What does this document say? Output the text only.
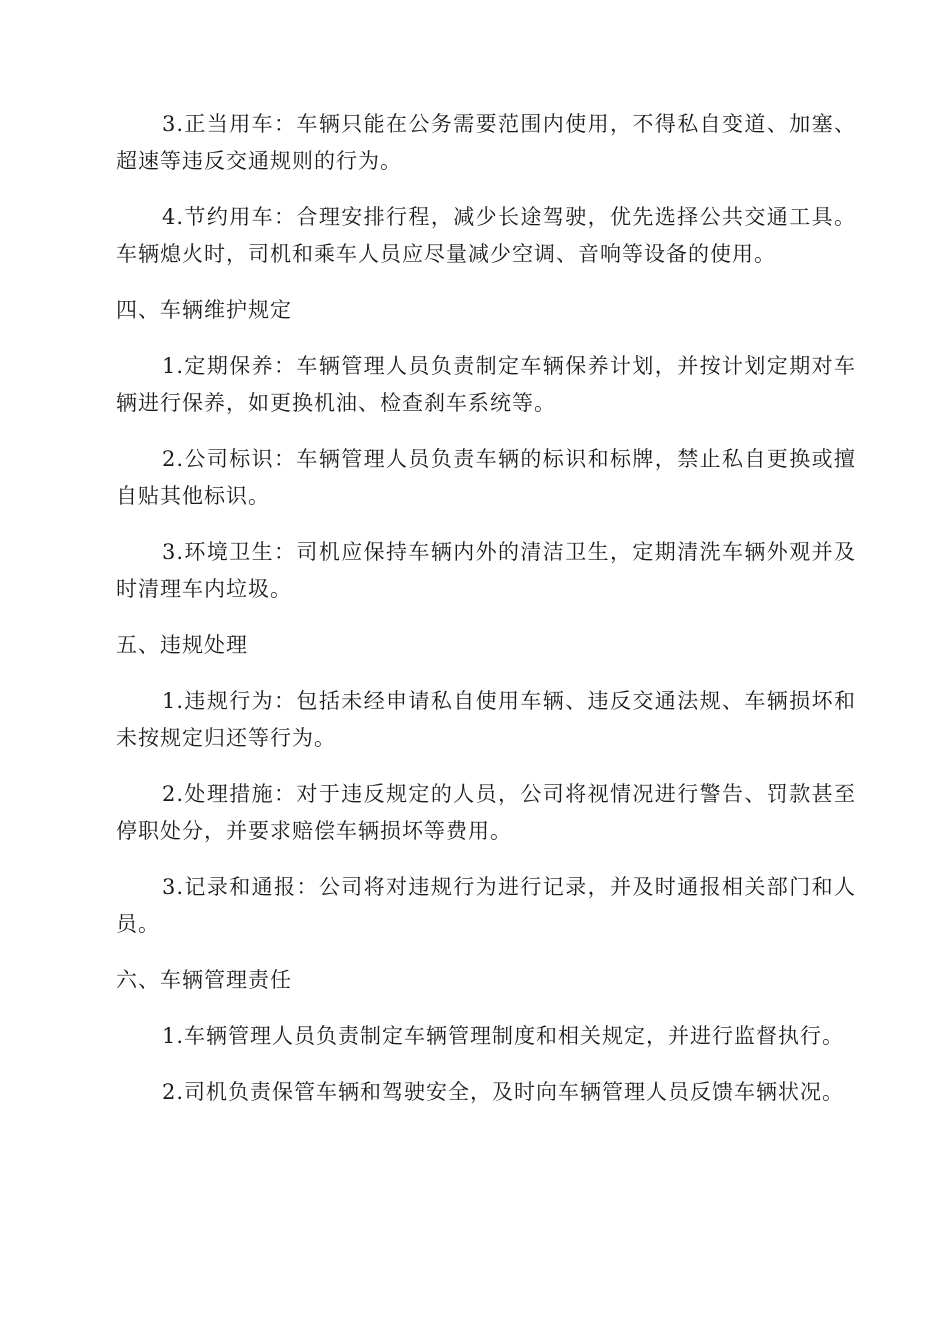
3.正当用车：车辆只能在公务需要范围内使用，不得私自变道、加塞、超速等违反交通规则的行为。

4.节约用车：合理安排行程，减少长途驾驶，优先选择公共交通工具。车辆熄火时，司机和乘车人员应尽量减少空调、音响等设备的使用。

四、车辆维护规定

1.定期保养：车辆管理人员负责制定车辆保养计划，并按计划定期对车辆进行保养，如更换机油、检查刹车系统等。

2.公司标识：车辆管理人员负责车辆的标识和标牌，禁止私自更换或擅自贴其他标识。

3.环境卫生：司机应保持车辆内外的清洁卫生，定期清洗车辆外观并及时清理车内垃圾。

五、违规处理

1.违规行为：包括未经申请私自使用车辆、违反交通法规、车辆损坏和未按规定归还等行为。

2.处理措施：对于违反规定的人员，公司将视情况进行警告、罚款甚至停职处分，并要求赔偿车辆损坏等费用。

3.记录和通报：公司将对违规行为进行记录，并及时通报相关部门和人员。

六、车辆管理责任

1.车辆管理人员负责制定车辆管理制度和相关规定，并进行监督执行。

2.司机负责保管车辆和驾驶安全，及时向车辆管理人员反馈车辆状况。
